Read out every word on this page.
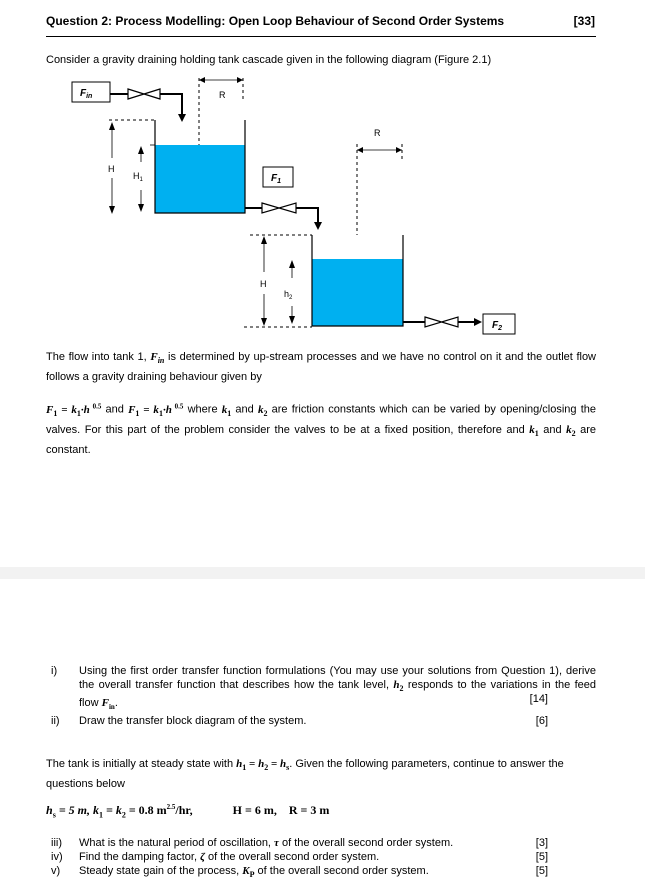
Question 2: Process Modelling: Open Loop Behaviour of Second Order Systems	[33]
Consider a gravity draining holding tank cascade given in the following diagram (Figure 2.1)
$F_{in}$	R
H
$H_1$	$F_1$
R
H
$h_2$
$F_2$
The flow into tank 1, $F_{in}$ is determined by up-stream processes and we have no control on it and the outlet flow follows a gravity draining behaviour given by
$F_1 = k_1\cdot h$ $^{0.5}$ and $F_1 = k_1\cdot h$ $^{0.5}$ where $k_1$ and $k_2$ are friction constants which can be varied by opening/closing the valves. For this part of the problem consider the valves to be at a fixed position, therefore and $k_1$ and $k_2$ are constant.
i) Using the first order transfer function formulations (You may use your solutions from Question 1), derive the overall transfer function that describes how the tank level, $h_2$ responds to the variations in the feed flow $F_{in}$.	[14]
ii) Draw the transfer block diagram of the system.	[6]
The tank is initially at steady state with $h_1 = h_2 = h_s$. Given the following parameters, continue to answer the questions below
$h_s = 5$ m, $k_1 = k_2 = 0.8$ $m^{2.5}/hr$,	H = 6 m, R = 3 m
iii) What is the natural period of oscillation, τ of the overall second order system.	[3]
iv) Find the damping factor, ζ of the overall second order system.	[5]
v) Steady state gain of the process, $K_P$ of the overall second order system.	[5]
